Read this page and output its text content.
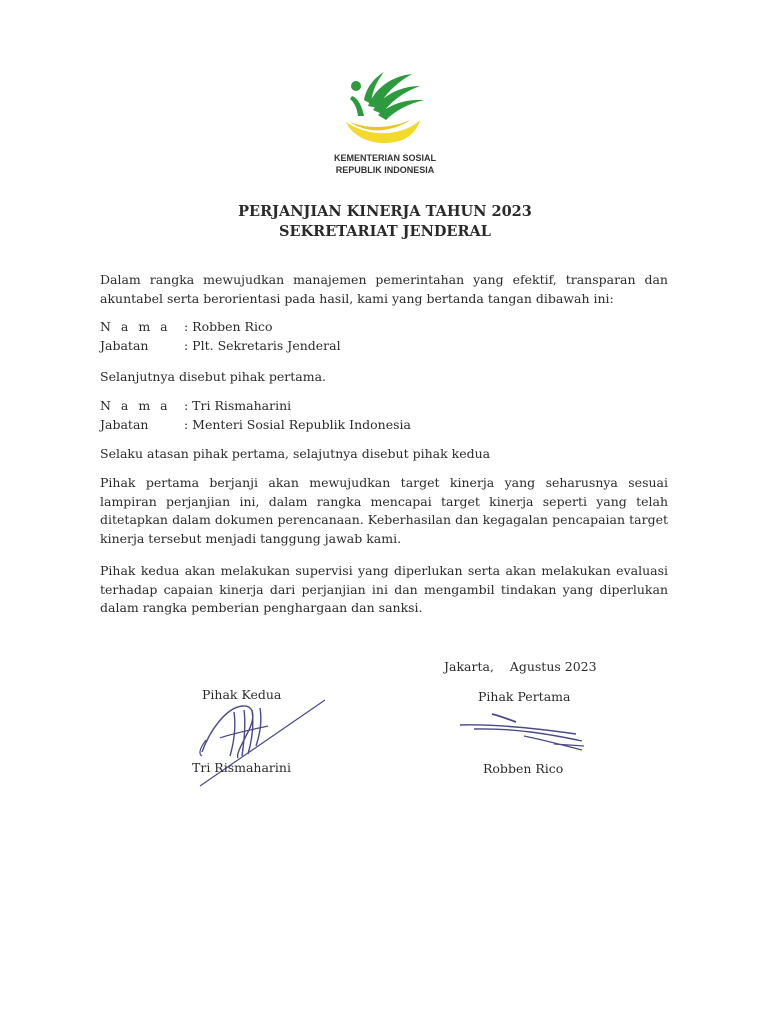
KEMENTERIAN SOSIAL
REPUBLIK INDONESIA
PERJANJIAN KINERJA TAHUN 2023
SEKRETARIAT JENDERAL
Dalam rangka mewujudkan manajemen pemerintahan yang efektif, transparan dan akuntabel serta berorientasi pada hasil, kami yang bertanda tangan dibawah ini:
N a m a : Robben Rico
Jabatan	: Plt. Sekretaris Jenderal
Selanjutnya disebut pihak pertama.
N a m a : Tri Rismaharini
Jabatan	: Menteri Sosial Republik Indonesia
Selaku atasan pihak pertama, selajutnya disebut pihak kedua
Pihak pertama berjanji akan mewujudkan target kinerja yang seharusnya sesuai lampiran perjanjian ini, dalam rangka mencapai target kinerja seperti yang telah ditetapkan dalam dokumen perencanaan. Keberhasilan dan kegagalan pencapaian target kinerja tersebut menjadi tanggung jawab kami.
Pihak kedua akan melakukan supervisi yang diperlukan serta akan melakukan evaluasi terhadap capaian kinerja dari perjanjian ini dan mengambil tindakan yang diperlukan dalam rangka pemberian penghargaan dan sanksi.
Jakarta,    Agustus 2023
Pihak Kedua	Pihak Pertama
Tri Rismaharini	Robben Rico
